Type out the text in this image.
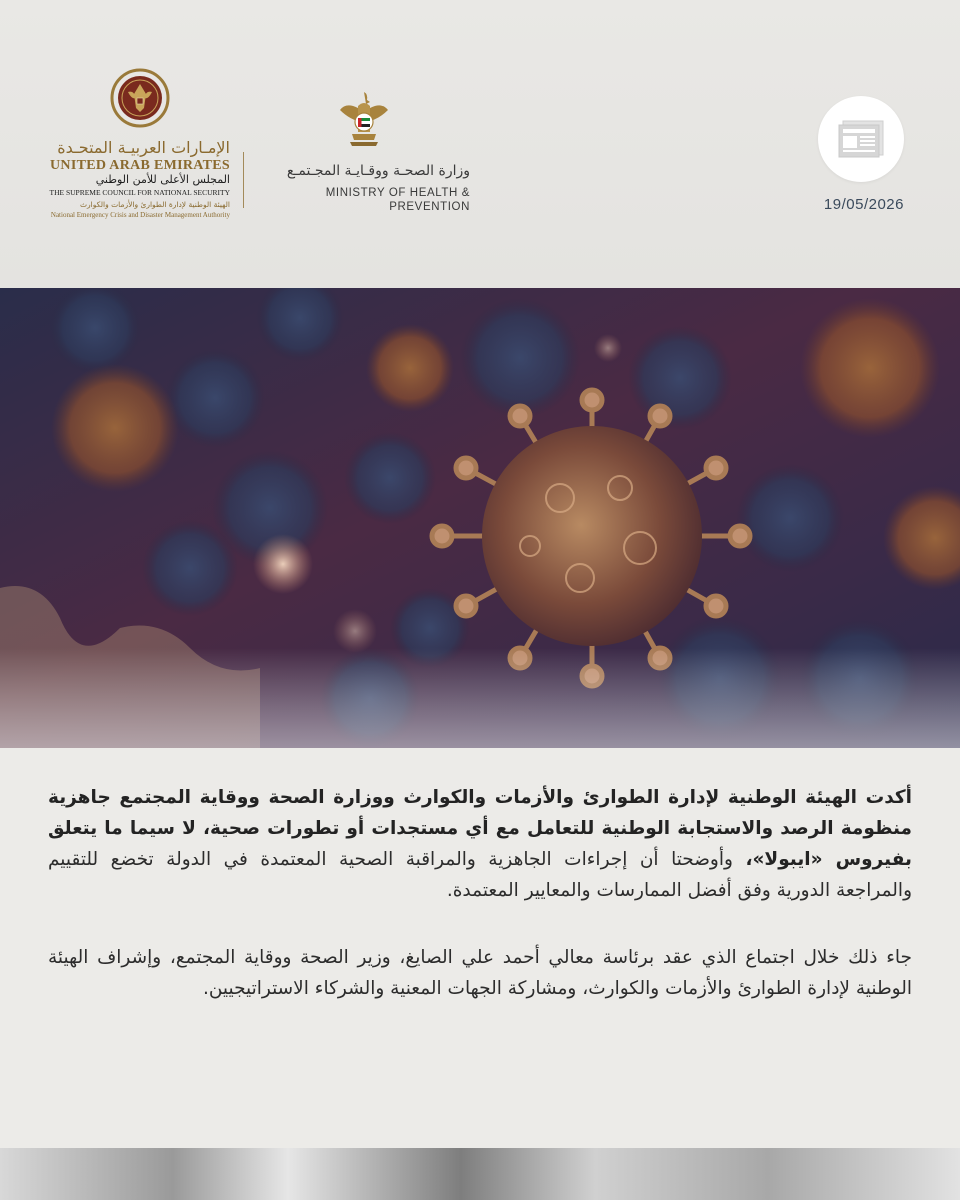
الإمـارات العربيـة المتحـدة
UNITED ARAB EMIRATES
المجلس الأعلى للأمن الوطني
THE SUPREME COUNCIL FOR NATIONAL SECURITY
الهيئة الوطنية لإدارة الطوارئ والأزمات والكوارث
National Emergency Crisis and Disaster Management Authority
وزارة الصحـة ووقـايـة المجـتمـع
MINISTRY OF HEALTH & PREVENTION	19/05/2026

أكدت الهيئة الوطنية لإدارة الطوارئ والأزمات والكوارث ووزارة الصحة ووقاية المجتمع جاهزية منظومة الرصد والاستجابة الوطنية للتعامل مع أي مستجدات أو تطورات صحية، لا سيما ما يتعلق بفيروس «ايبولا»، وأوضحتا أن إجراءات الجاهزية والمراقبة الصحية المعتمدة في الدولة تخضع للتقييم والمراجعة الدورية وفق أفضل الممارسات والمعايير المعتمدة.

جاء ذلك خلال اجتماع الذي عقد برئاسة معالي أحمد علي الصايغ، وزير الصحة ووقاية المجتمع، وإشراف الهيئة الوطنية لإدارة الطوارئ والأزمات والكوارث، ومشاركة الجهات المعنية والشركاء الاستراتيجيين.
